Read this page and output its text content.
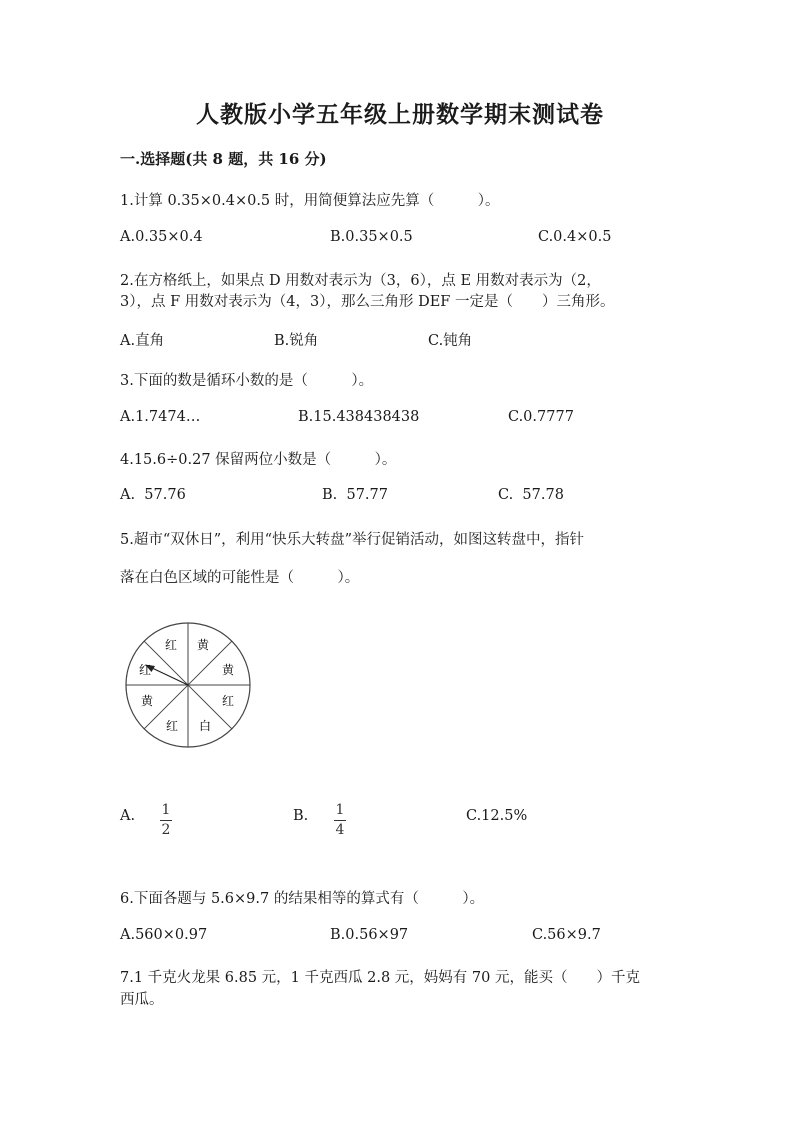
人教版小学五年级上册数学期末测试卷
一.选择题(共 8 题，共 16 分)
1.计算 0.35×0.4×0.5 时，用简便算法应先算（　　　）。
A.0.35×0.4	B.0.35×0.5	C.0.4×0.5
2.在方格纸上，如果点 D 用数对表示为（3，6），点 E 用数对表示为（2，
3），点 F 用数对表示为（4，3），那么三角形 DEF 一定是（　　）三角形。
A.直角	B.锐角	C.钝角
3.下面的数是循环小数的是（　　　）。
A.1.7474…	B.15.438438438	C.0.7777
4.15.6÷0.27 保留两位小数是（　　　）。
A.  57.76	B.  57.77	C.  57.78
5.超市“双休日”，利用“快乐大转盘”举行促销活动，如图这转盘中，指针
落在白色区域的可能性是（　　　）。
黄
黄
红
白
红
黄
红
红
A. $\frac{1}{2}$	B. $\frac{1}{4}$	C.12.5%
6.下面各题与 5.6×9.7 的结果相等的算式有（　　　）。
A.560×0.97	B.0.56×97	C.56×9.7
7.1 千克火龙果 6.85 元，1 千克西瓜 2.8 元，妈妈有 70 元，能买（　　）千克
西瓜。
